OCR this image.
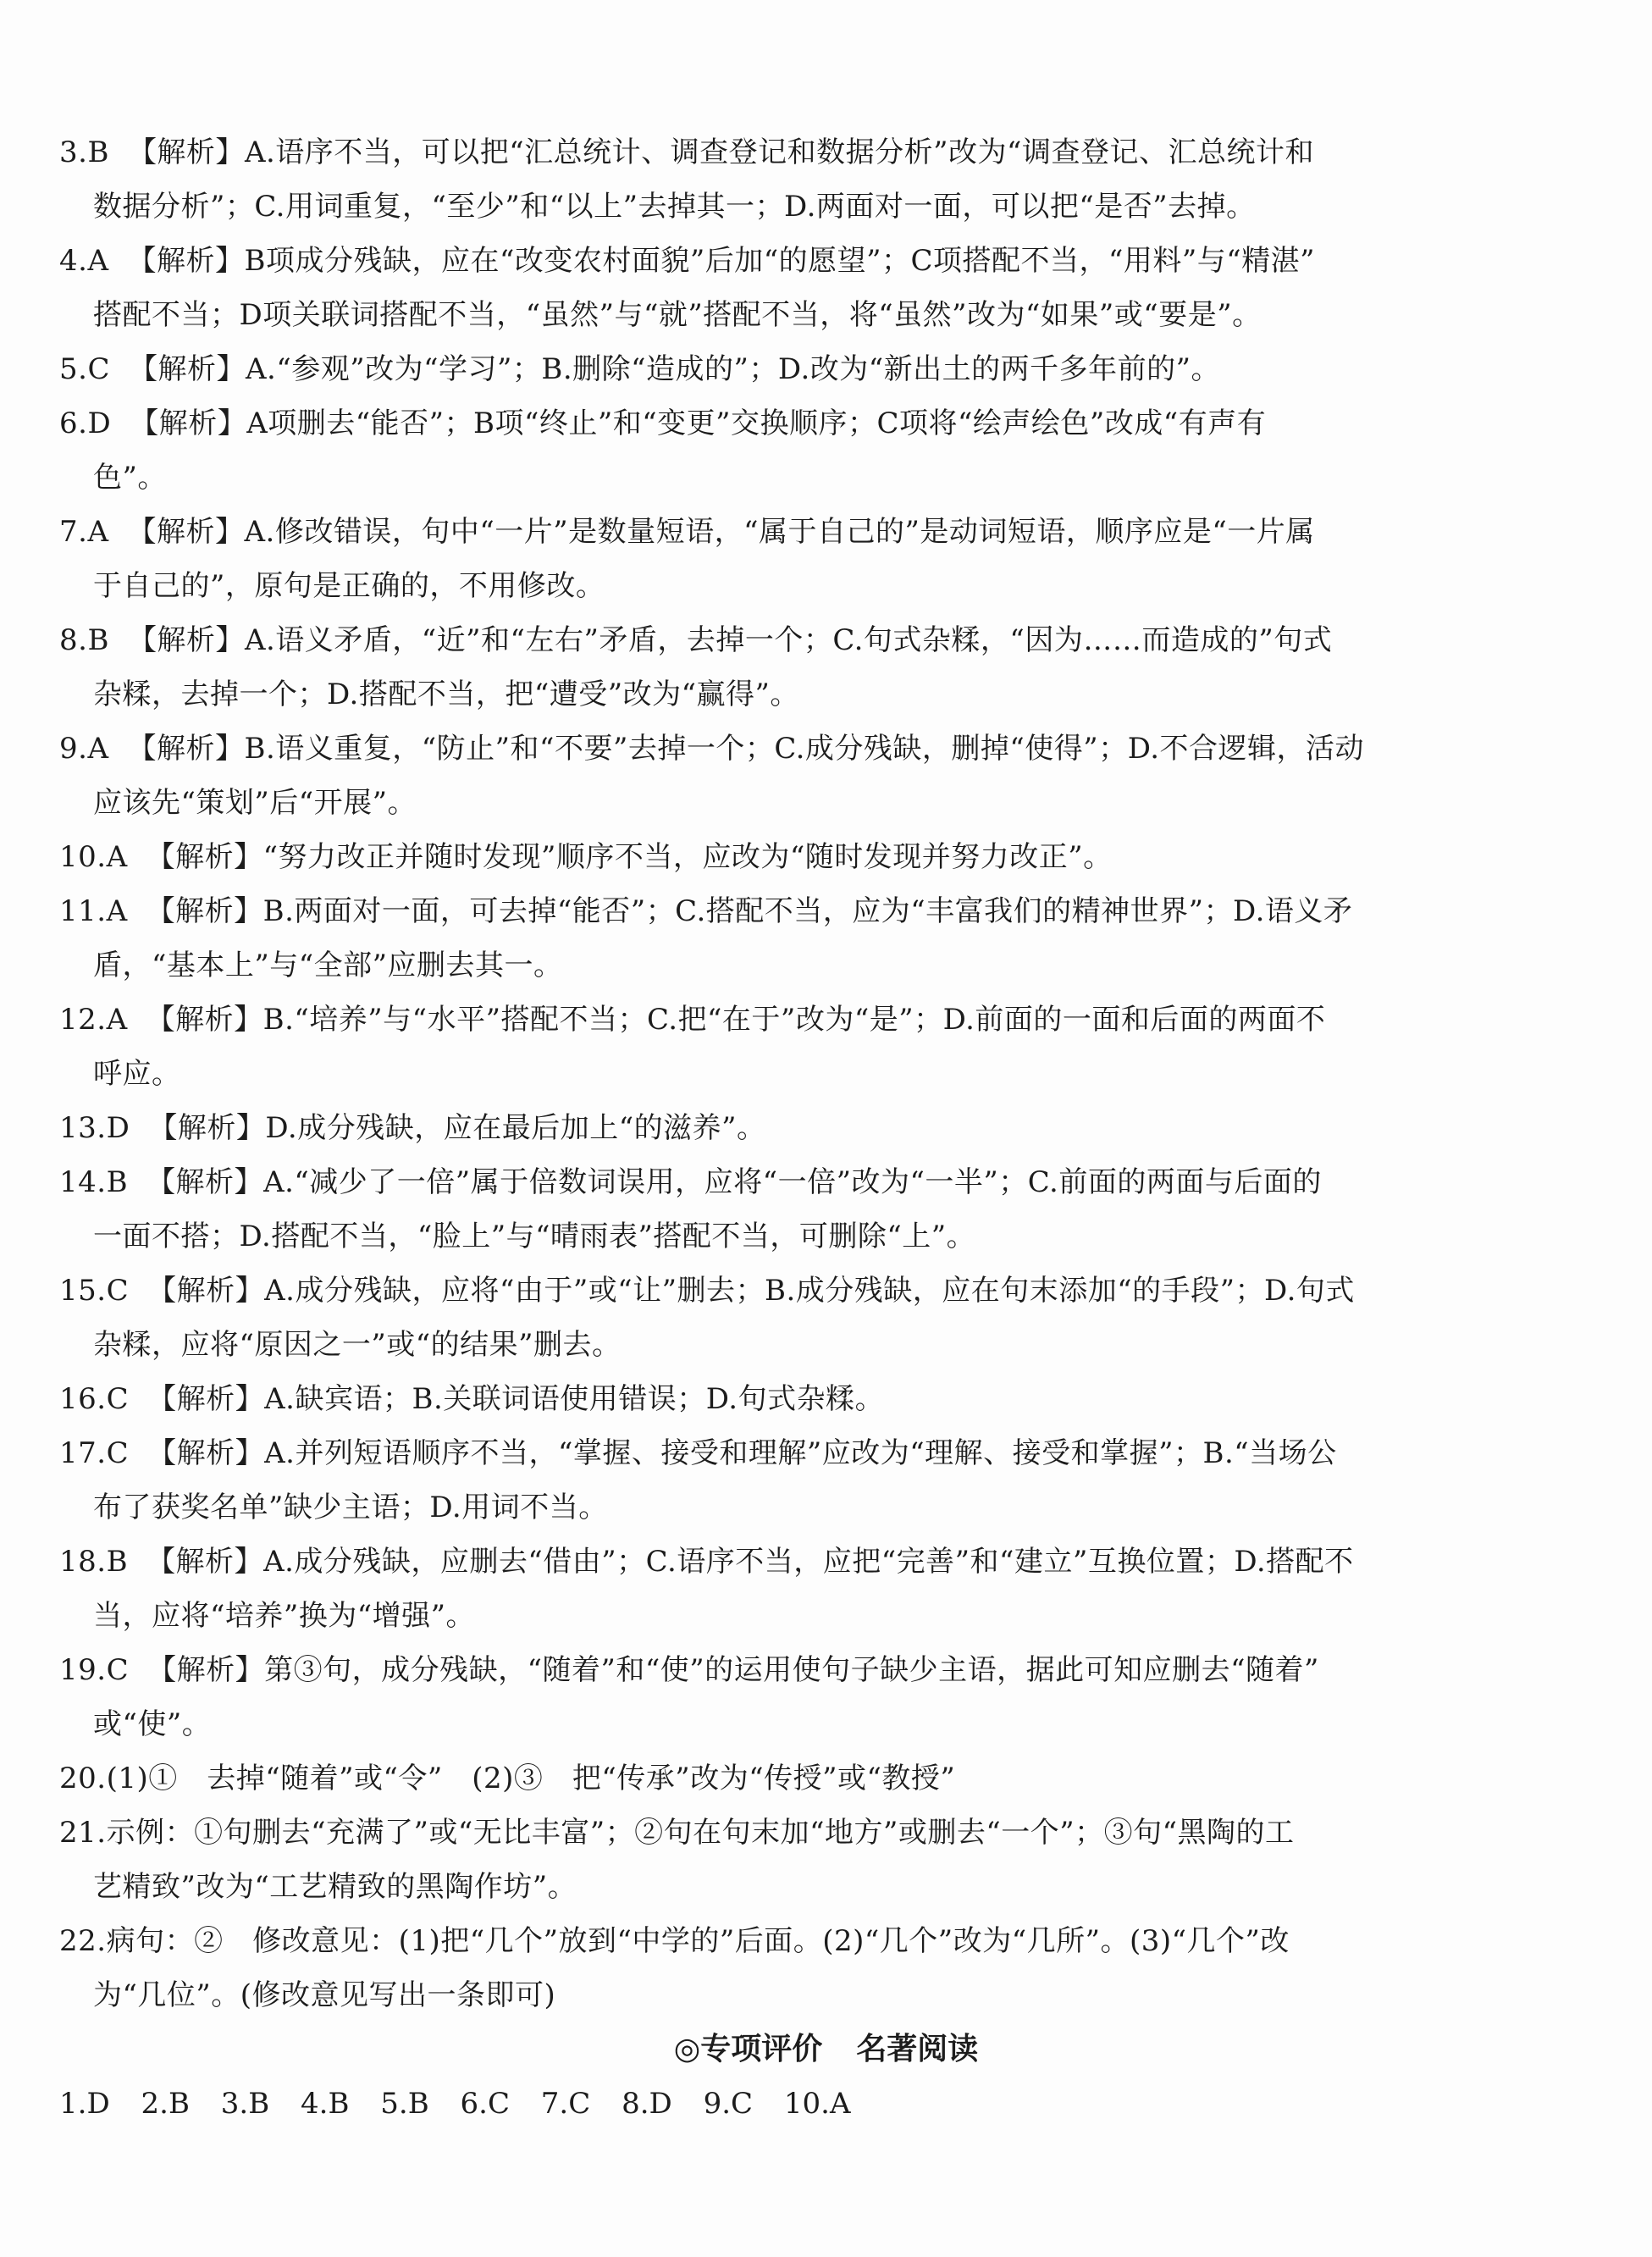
3.B 【解析】A.语序不当，可以把“汇总统计、调查登记和数据分析”改为“调查登记、汇总统计和
数据分析”；C.用词重复，“至少”和“以上”去掉其一；D.两面对一面，可以把“是否”去掉。
4.A 【解析】B项成分残缺，应在“改变农村面貌”后加“的愿望”；C项搭配不当，“用料”与“精湛”
搭配不当；D项关联词搭配不当，“虽然”与“就”搭配不当，将“虽然”改为“如果”或“要是”。
5.C 【解析】A.“参观”改为“学习”；B.删除“造成的”；D.改为“新出土的两千多年前的”。
6.D 【解析】A项删去“能否”；B项“终止”和“变更”交换顺序；C项将“绘声绘色”改成“有声有
色”。
7.A 【解析】A.修改错误，句中“一片”是数量短语，“属于自己的”是动词短语，顺序应是“一片属
于自己的”，原句是正确的，不用修改。
8.B 【解析】A.语义矛盾，“近”和“左右”矛盾，去掉一个；C.句式杂糅，“因为……而造成的”句式
杂糅，去掉一个；D.搭配不当，把“遭受”改为“赢得”。
9.A 【解析】B.语义重复，“防止”和“不要”去掉一个；C.成分残缺，删掉“使得”；D.不合逻辑，活动
应该先“策划”后“开展”。
10.A 【解析】“努力改正并随时发现”顺序不当，应改为“随时发现并努力改正”。
11.A 【解析】B.两面对一面，可去掉“能否”；C.搭配不当，应为“丰富我们的精神世界”；D.语义矛
盾，“基本上”与“全部”应删去其一。
12.A 【解析】B.“培养”与“水平”搭配不当；C.把“在于”改为“是”；D.前面的一面和后面的两面不
呼应。
13.D 【解析】D.成分残缺，应在最后加上“的滋养”。
14.B 【解析】A.“减少了一倍”属于倍数词误用，应将“一倍”改为“一半”；C.前面的两面与后面的
一面不搭；D.搭配不当，“脸上”与“晴雨表”搭配不当，可删除“上”。
15.C 【解析】A.成分残缺，应将“由于”或“让”删去；B.成分残缺，应在句末添加“的手段”；D.句式
杂糅，应将“原因之一”或“的结果”删去。
16.C 【解析】A.缺宾语；B.关联词语使用错误；D.句式杂糅。
17.C 【解析】A.并列短语顺序不当，“掌握、接受和理解”应改为“理解、接受和掌握”；B.“当场公
布了获奖名单”缺少主语；D.用词不当。
18.B 【解析】A.成分残缺，应删去“借由”；C.语序不当，应把“完善”和“建立”互换位置；D.搭配不
当，应将“培养”换为“增强”。
19.C 【解析】第③句，成分残缺，“随着”和“使”的运用使句子缺少主语，据此可知应删去“随着”
或“使”。
20.(1)①　去掉“随着”或“令”　(2)③　把“传承”改为“传授”或“教授”
21.示例：①句删去“充满了”或“无比丰富”；②句在句末加“地方”或删去“一个”；③句“黑陶的工
艺精致”改为“工艺精致的黑陶作坊”。
22.病句：②　修改意见：(1)把“几个”放到“中学的”后面。(2)“几个”改为“几所”。(3)“几个”改
为“几位”。(修改意见写出一条即可)
◎专项评价 名著阅读
1.D 2.B 3.B 4.B 5.B 6.C 7.C 8.D 9.C 10.A
